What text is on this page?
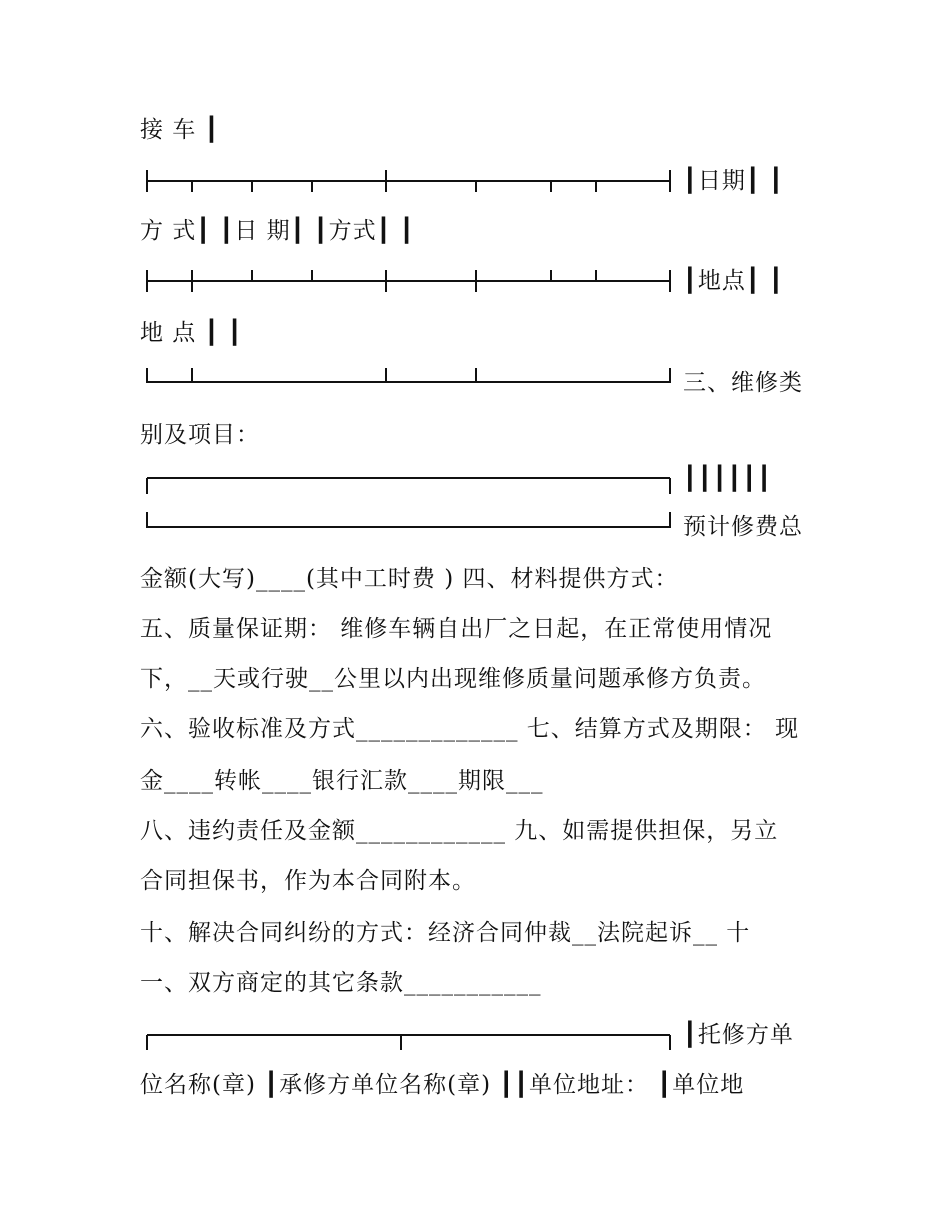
接 车 ┃
┃日期┃ ┃
方 式┃ ┃日 期┃ ┃方式┃ ┃
┃地点┃ ┃
地 点 ┃ ┃
三、维修类
别及项目：
┃┃┃┃┃┃
预计修费总
金额(大写)____(其中工时费 ) 四、材料提供方式：
五、质量保证期： 维修车辆自出厂之日起，在正常使用情况
下，__天或行驶__公里以内出现维修质量问题承修方负责。
六、验收标准及方式_____________ 七、结算方式及期限： 现
金____转帐____银行汇款____期限___
八、违约责任及金额____________ 九、如需提供担保，另立
合同担保书，作为本合同附本。
十、解决合同纠纷的方式：经济合同仲裁__法院起诉__ 十
一、双方商定的其它条款___________
┃托修方单
位名称(章) ┃承修方单位名称(章) ┃┃单位地址： ┃单位地
